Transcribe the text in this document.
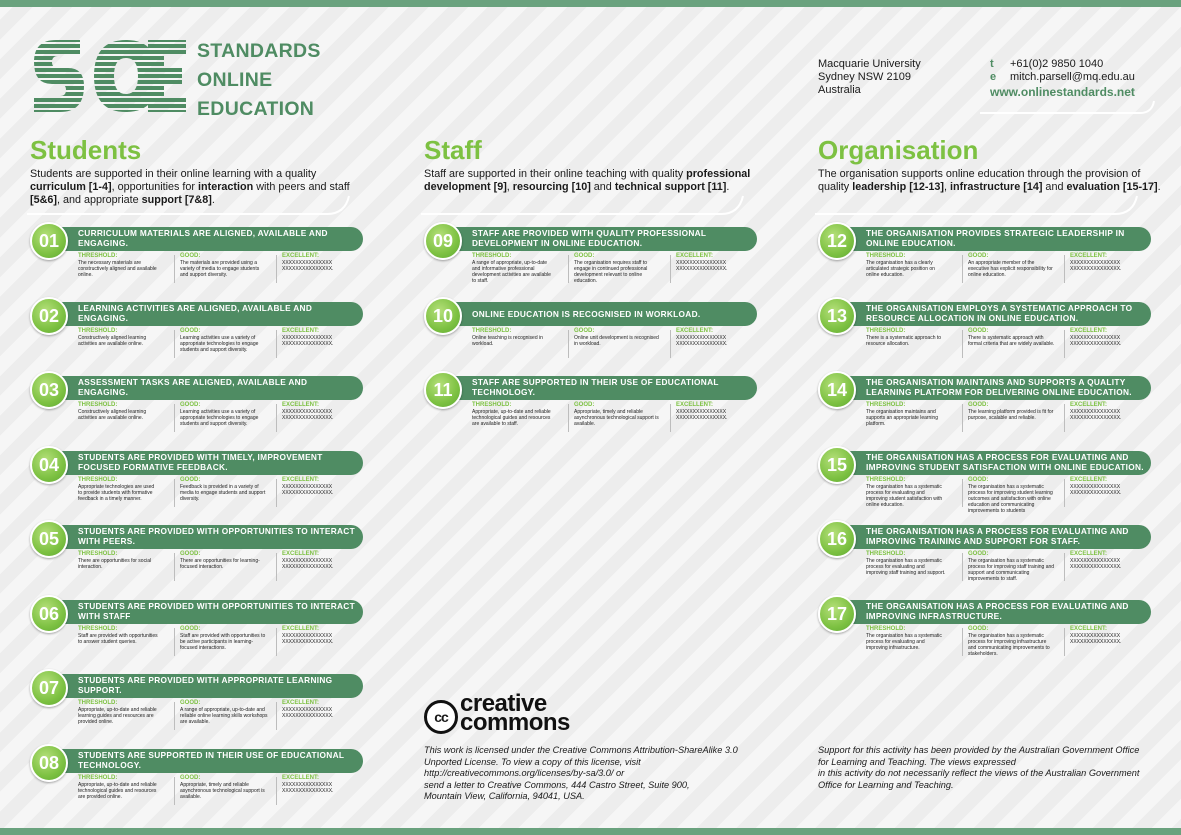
STANDARDS
ONLINE
EDUCATION
Macquarie University
Sydney NSW 2109
Australia
t +61(0)2 9850 1040
e mitch.parsell@mq.edu.au
www.onlinestandards.net
Students
Students are supported in their online learning with a quality curriculum [1-4], opportunities for interaction with peers and staff [5&6], and appropriate support [7&8].
CURRICULUM MATERIALS ARE ALIGNED, AVAILABLE AND ENGAGING.
01
THRESHOLD:
The necessary materials are constructively aligned and available online.
GOOD:
The materials are provided using a variety of media to engage students and support diversity.
EXCELLENT:
XXXXXXXXXXXXXXX XXXXXXXXXXXXXXX.
LEARNING ACTIVITIES ARE ALIGNED, AVAILABLE AND ENGAGING.
02
THRESHOLD:
Constructively aligned learning activities are available online.
GOOD:
Learning activities use a variety of appropriate technologies to engage students and support diversity.
EXCELLENT:
XXXXXXXXXXXXXXX XXXXXXXXXXXXXXX.
ASSESSMENT TASKS ARE ALIGNED, AVAILABLE AND ENGAGING.
03
THRESHOLD:
Constructively aligned learning activities are available online.
GOOD:
Learning activities use a variety of appropriate technologies to engage students and support diversity.
EXCELLENT:
XXXXXXXXXXXXXXX XXXXXXXXXXXXXXX.
STUDENTS ARE PROVIDED WITH TIMELY, IMPROVEMENT FOCUSED FORMATIVE FEEDBACK.
04
THRESHOLD:
Appropriate technologies are used to provide students with formative feedback in a timely manner.
GOOD:
Feedback is provided in a variety of media to engage students and support diversity.
EXCELLENT:
XXXXXXXXXXXXXXX XXXXXXXXXXXXXXX.
STUDENTS ARE PROVIDED WITH OPPORTUNITIES TO INTERACT WITH PEERS.
05
THRESHOLD:
There are opportunities for social interaction.
GOOD:
There are opportunities for learning-focused interaction.
EXCELLENT:
XXXXXXXXXXXXXXX XXXXXXXXXXXXXXX.
STUDENTS ARE PROVIDED WITH OPPORTUNITIES TO INTERACT WITH STAFF
06
THRESHOLD:
Staff are provided with opportunities to answer student queries.
GOOD:
Staff are provided with opportunities to be active participants in learning-focused interactions.
EXCELLENT:
XXXXXXXXXXXXXXX XXXXXXXXXXXXXXX.
STUDENTS ARE PROVIDED WITH APPROPRIATE LEARNING SUPPORT.
07
THRESHOLD:
Appropriate, up-to-date and reliable learning guides and resources are provided online.
GOOD:
A range of appropriate, up-to-date and reliable online learning skills workshops are available.
EXCELLENT:
XXXXXXXXXXXXXXX XXXXXXXXXXXXXXX.
STUDENTS ARE SUPPORTED IN THEIR USE OF EDUCATIONAL TECHNOLOGY.
08
THRESHOLD:
Appropriate, up-to-date and reliable technological guides and resources are provided online.
GOOD:
Appropriate, timely and reliable asynchronous technological support is available.
EXCELLENT:
XXXXXXXXXXXXXXX XXXXXXXXXXXXXXX.
Staff
Staff are supported in their online teaching with quality professional development [9], resourcing [10] and technical support [11].
STAFF ARE PROVIDED WITH QUALITY PROFESSIONAL DEVELOPMENT IN ONLINE EDUCATION.
09
THRESHOLD:
A range of appropriate, up-to-date and informative professional development activities are available to staff.
GOOD:
The organisation requires staff to engage in continued professional development relevant to online education.
EXCELLENT:
XXXXXXXXXXXXXXX XXXXXXXXXXXXXXX.
ONLINE EDUCATION IS RECOGNISED IN WORKLOAD.
10
THRESHOLD:
Online teaching is recognised in workload.
GOOD:
Online unit development is recognised in workload.
EXCELLENT:
XXXXXXXXXXXXXXX XXXXXXXXXXXXXXX.
STAFF ARE SUPPORTED IN THEIR USE OF EDUCATIONAL TECHNOLOGY.
11
THRESHOLD:
Appropriate, up-to-date and reliable technological guides and resources are available to staff.
GOOD:
Appropriate, timely and reliable asynchronous technological support is available.
EXCELLENT:
XXXXXXXXXXXXXXX XXXXXXXXXXXXXXX.
Organisation
The organisation supports online education through the provision of quality leadership [12-13], infrastructure [14] and evaluation [15-17].
THE ORGANISATION PROVIDES STRATEGIC LEADERSHIP IN ONLINE EDUCATION.
12
THRESHOLD:
The organisation has a clearly articulated strategic position on online education.
GOOD:
An appropriate member of the executive has explicit responsibility for online education.
EXCELLENT:
XXXXXXXXXXXXXXX XXXXXXXXXXXXXXX.
THE ORGANISATION EMPLOYS A SYSTEMATIC APPROACH TO RESOURCE ALLOCATION IN ONLINE EDUCATION.
13
THRESHOLD:
There is a systematic approach to resource allocation.
GOOD:
There is systematic approach with formal criteria that are widely available.
EXCELLENT:
XXXXXXXXXXXXXXX XXXXXXXXXXXXXXX.
THE ORGANISATION MAINTAINS AND SUPPORTS A QUALITY LEARNING PLATFORM FOR DELIVERING ONLINE EDUCATION.
14
THRESHOLD:
The organisation maintains and supports an appropriate learning platform.
GOOD:
The learning platform provided is fit for purpose, scalable and reliable.
EXCELLENT:
XXXXXXXXXXXXXXX XXXXXXXXXXXXXXX.
THE ORGANISATION HAS A PROCESS FOR EVALUATING AND IMPROVING STUDENT SATISFACTION WITH ONLINE EDUCATION.
15
THRESHOLD:
The organisation has a systematic process for evaluating and improving student satisfaction with online education.
GOOD:
The organisation has a systematic process for improving student learning outcomes and satisfaction with online education and communicating improvements to students
EXCELLENT:
XXXXXXXXXXXXXXX XXXXXXXXXXXXXXX.
THE ORGANISATION HAS A PROCESS FOR EVALUATING AND IMPROVING TRAINING AND SUPPORT FOR STAFF.
16
THRESHOLD:
The organisation has a systematic process for evaluating and improving staff training and support.
GOOD:
The organisation has a systematic process for improving staff training and support and communicating improvements to staff.
EXCELLENT:
XXXXXXXXXXXXXXX XXXXXXXXXXXXXXX.
THE ORGANISATION HAS A PROCESS FOR EVALUATING AND IMPROVING INFRASTRUCTURE.
17
THRESHOLD:
The organisation has a systematic process for evaluating and improving infrastructure.
GOOD:
The organisation has a systematic process for improving infrastructure and communicating improvements to stakeholders.
EXCELLENT:
XXXXXXXXXXXXXXX XXXXXXXXXXXXXXX.
cc creative
commons
This work is licensed under the Creative Commons Attribution-ShareAlike 3.0
Unported License. To view a copy of this license, visit
http://creativecommons.org/licenses/by-sa/3.0/ or
send a letter to Creative Commons, 444 Castro Street, Suite 900,
Mountain View, California, 94041, USA.
Support for this activity has been provided by the Australian Government Office
for Learning and Teaching. The views expressed
in this activity do not necessarily reflect the views of the Australian Government
Office for Learning and Teaching.
